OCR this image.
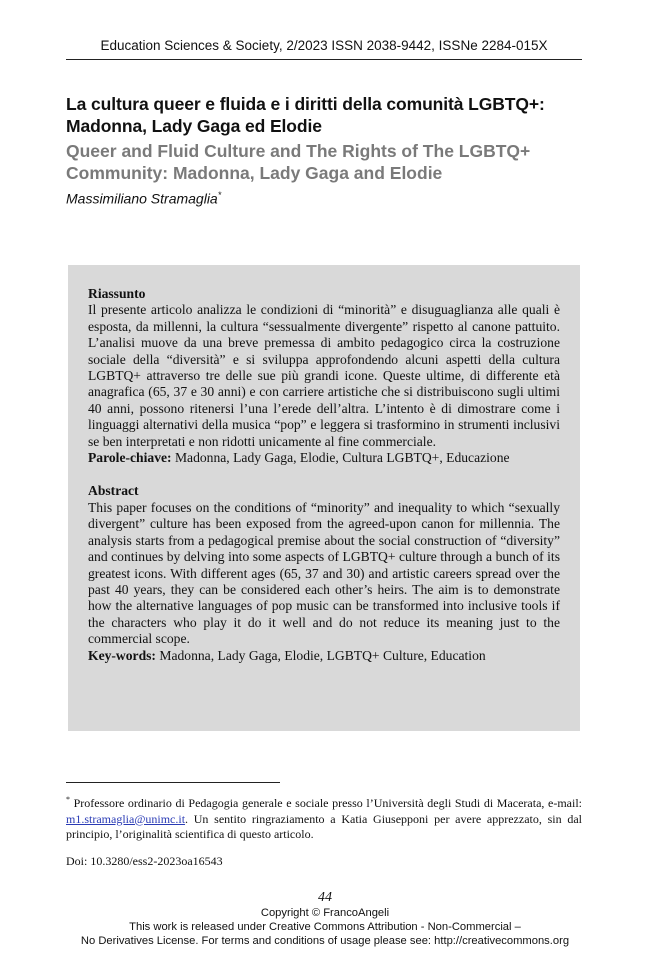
Education Sciences & Society, 2/2023 ISSN 2038-9442, ISSNe 2284-015X
La cultura queer e fluida e i diritti della comunità LGBTQ+: Madonna, Lady Gaga ed Elodie
Queer and Fluid Culture and The Rights of The LGBTQ+ Community: Madonna, Lady Gaga and Elodie
Massimiliano Stramaglia*

Riassunto

Il presente articolo analizza le condizioni di “minorità” e disuguaglianza alle quali è esposta, da millenni, la cultura “sessualmente divergente” rispetto al canone pattuito. L’analisi muove da una breve premessa di ambito pedagogico circa la costruzione sociale della “diversità” e si sviluppa approfondendo alcuni aspetti della cultura LGBTQ+ attraverso tre delle sue più grandi icone. Queste ultime, di differente età anagrafica (65, 37 e 30 anni) e con carriere artistiche che si distribuiscono sugli ultimi 40 anni, possono ritenersi l’una l’erede dell’altra. L’intento è di dimostrare come i linguaggi alternativi della musica “pop” e leggera si trasformino in strumenti inclusivi se ben interpretati e non ridotti unicamente al fine commerciale.

Parole-chiave: Madonna, Lady Gaga, Elodie, Cultura LGBTQ+, Educazione

Abstract

This paper focuses on the conditions of “minority” and inequality to which “sexually divergent” culture has been exposed from the agreed-upon canon for millennia. The analysis starts from a pedagogical premise about the social construction of “diversity” and continues by delving into some aspects of LGBTQ+ culture through a bunch of its greatest icons. With different ages (65, 37 and 30) and artistic careers spread over the past 40 years, they can be considered each other’s heirs. The aim is to demonstrate how the alternative languages of pop music can be transformed into inclusive tools if the characters who play it do it well and do not reduce its meaning just to the commercial scope.

Key-words: Madonna, Lady Gaga, Elodie, LGBTQ+ Culture, Education

* Professore ordinario di Pedagogia generale e sociale presso l’Università degli Studi di Macerata, e-mail: m1.stramaglia@unimc.it. Un sentito ringraziamento a Katia Giusepponi per avere apprezzato, sin dal principio, l’originalità scientifica di questo articolo.
Doi: 10.3280/ess2-2023oa16543
44
Copyright © FrancoAngeli
This work is released under Creative Commons Attribution - Non-Commercial –
No Derivatives License. For terms and conditions of usage please see: http://creativecommons.org
